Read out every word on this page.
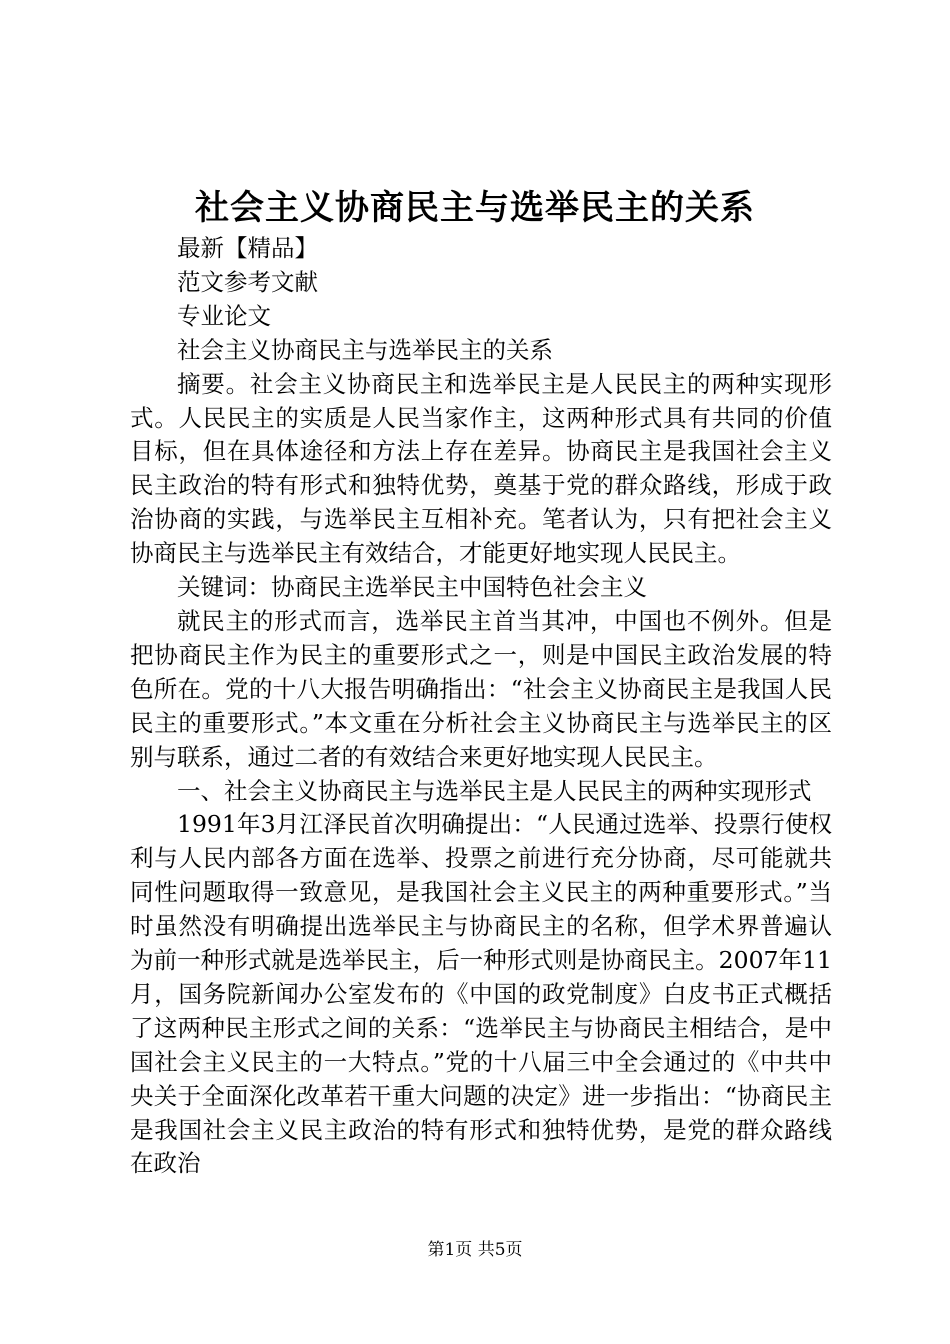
社会主义协商民主与选举民主的关系

最新【精品】

范文参考文献

专业论文

社会主义协商民主与选举民主的关系

摘要。社会主义协商民主和选举民主是人民民主的两种实现形式。人民民主的实质是人民当家作主，这两种形式具有共同的价值目标，但在具体途径和方法上存在差异。协商民主是我国社会主义民主政治的特有形式和独特优势，奠基于党的群众路线，形成于政治协商的实践，与选举民主互相补充。笔者认为，只有把社会主义协商民主与选举民主有效结合，才能更好地实现人民民主。

关键词：协商民主选举民主中国特色社会主义

就民主的形式而言，选举民主首当其冲，中国也不例外。但是把协商民主作为民主的重要形式之一，则是中国民主政治发展的特色所在。党的十八大报告明确指出：“社会主义协商民主是我国人民民主的重要形式。”本文重在分析社会主义协商民主与选举民主的区别与联系，通过二者的有效结合来更好地实现人民民主。

一、社会主义协商民主与选举民主是人民民主的两种实现形式

1991年3月江泽民首次明确提出：“人民通过选举、投票行使权利与人民内部各方面在选举、投票之前进行充分协商，尽可能就共同性问题取得一致意见，是我国社会主义民主的两种重要形式。”当时虽然没有明确提出选举民主与协商民主的名称，但学术界普遍认为前一种形式就是选举民主，后一种形式则是协商民主。2007年11月，国务院新闻办公室发布的《中国的政党制度》白皮书正式概括了这两种民主形式之间的关系：“选举民主与协商民主相结合，是中国社会主义民主的一大特点。”党的十八届三中全会通过的《中共中央关于全面深化改革若干重大问题的决定》进一步指出：“协商民主是我国社会主义民主政治的特有形式和独特优势，是党的群众路线在政治

第1页 共5页
